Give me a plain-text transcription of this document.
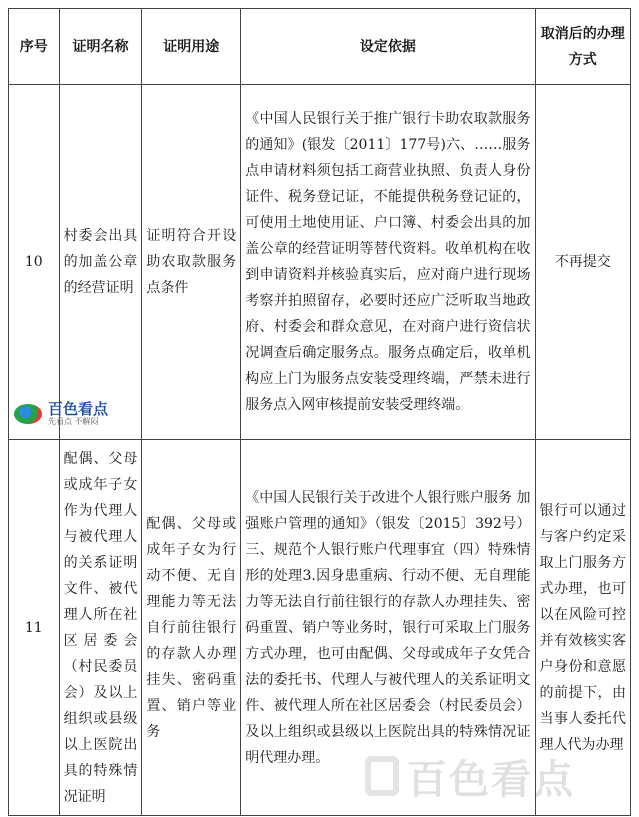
序号	证明名称	证明用途	设定依据	取消后的办理方式
10	村委会出具的加盖公章的经营证明	证明符合开设助农取款服务点条件	《中国人民银行关于推广银行卡助农取款服务的通知》(银发〔2011〕177号)六、……服务点申请材料须包括工商营业执照、负责人身份证件、税务登记证，不能提供税务登记证的，可使用土地使用证、户口簿、村委会出具的加盖公章的经营证明等替代资料。收单机构在收到申请资料并核验真实后，应对商户进行现场考察并拍照留存，必要时还应广泛听取当地政府、村委会和群众意见，在对商户进行资信状况调查后确定服务点。服务点确定后，收单机构应上门为服务点安装受理终端，严禁未进行服务点入网审核提前安装受理终端。	不再提交
11	配偶、父母或成年子女作为代理人与被代理人的关系证明文件、被代理人所在社区居委会（村民委员会）及以上组织或县级以上医院出具的特殊情况证明	配偶、父母或成年子女为行动不便、无自理能力等无法自行前往银行的存款人办理挂失、密码重置、销户等业务	《中国人民银行关于改进个人银行账户服务 加强账户管理的通知》（银发〔2015〕392号）三、规范个人银行账户代理事宜（四）特殊情形的处理3.因身患重病、行动不便、无自理能力等无法自行前往银行的存款人办理挂失、密码重置、销户等业务时，银行可采取上门服务方式办理，也可由配偶、父母或成年子女凭合法的委托书、代理人与被代理人的关系证明文件、被代理人所在社区居委会（村民委员会）及以上组织或县级以上医院出具的特殊情况证明代理办理。	银行可以通过与客户约定采取上门服务方式办理，也可以在风险可控并有效核实客户身份和意愿的前提下，由当事人委托代理人代为办理
百色看点
先看点 不解闷
百色看点
